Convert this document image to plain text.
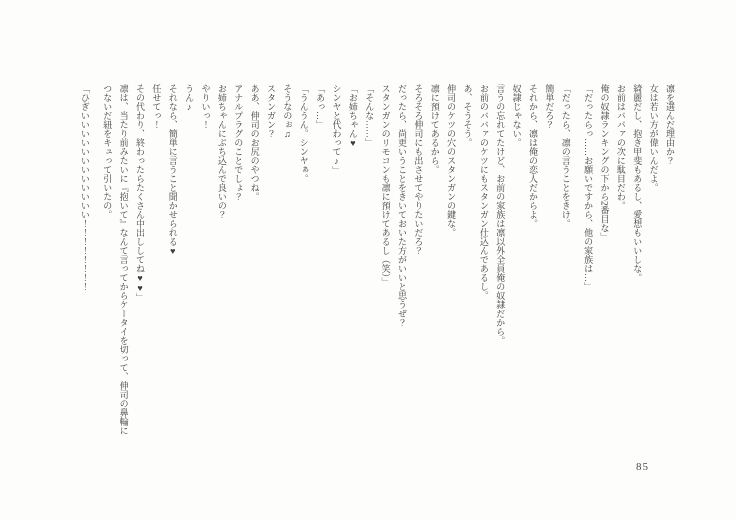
凛を選んだ理由か？

女は若い方が偉いんだよ。

綺麗だし、抱き甲斐もあるし、愛想もいいしな。

お前はババァの次に駄目だわ。

俺の奴隷ランキングの下から2番目な」

「だったらっ……お願いですから、他の家族は…」

「だったら、凛の言うことをきけ。

簡単だろ？

それから、凛は俺の恋人だからよ。

奴隷じゃない。

言うの忘れてたけど、お前の家族は凛以外全員俺の奴隷だから。

お前のババァのケツにもスタンガン仕込んであるし。

あ、そうそう。

伸司のケツの穴のスタンガンの鍵な。

凛に預けてあるから。

そろそろ伸司にも出させてやりたいだろ？

だったら、尚更いうことをきいておいた方がいいと思うぜ？

スタンガンのリモコンも凛に預けてあるし（笑）」

「そんな……」

「お姉ちゃん♥

シンヤと代わって♪」

「あっ…」

「うんうん。シンヤぁ。

そうなのぉ♫

スタンガン？

ああ、伸司のお尻のやつね。

アナルプラグのことでしょ？

お姉ちゃんにぶち込んで良いの？

やりいっ！

うん♪

それなら、簡単に言うこと聞かせられる♥

任せてっ！

その代わり、終わったらたくさん中出ししてね♥♥」

凛は、当たり前みたいに『抱いて』なんて言ってからケータイを切って、伸司の鼻輪に

つないだ紐をキュって引いたの。

「ひぎいいいいいいいいいいいい！！！！！！！！

85
